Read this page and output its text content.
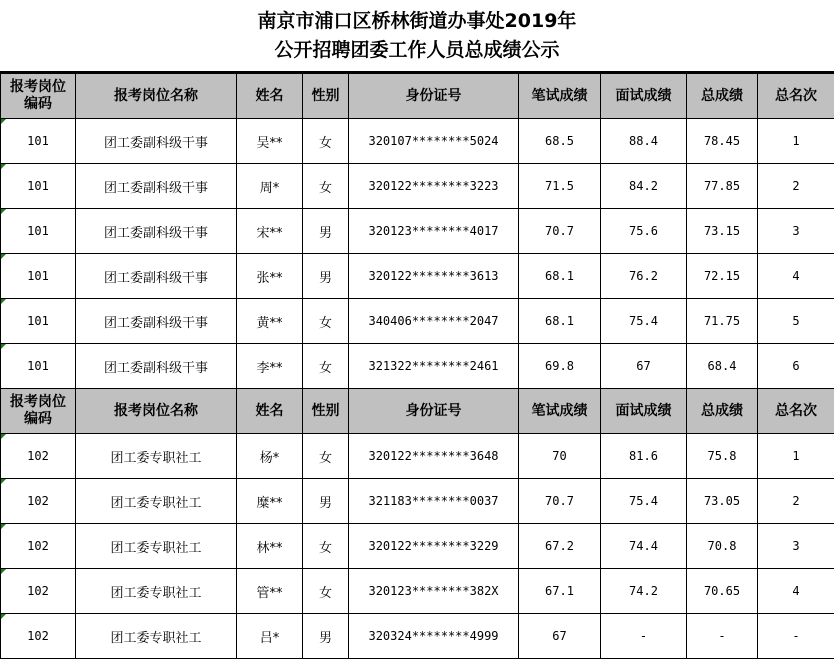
南京市浦口区桥林街道办事处2019年
公开招聘团委工作人员总成绩公示
报考岗位
编码	报考岗位名称	姓名	性别	身份证号	笔试成绩	面试成绩	总成绩	总名次
101	团工委副科级干事	吴**	女	320107********5024	68.5	88.4	78.45	1
101	团工委副科级干事	周*	女	320122********3223	71.5	84.2	77.85	2
101	团工委副科级干事	宋**	男	320123********4017	70.7	75.6	73.15	3
101	团工委副科级干事	张**	男	320122********3613	68.1	76.2	72.15	4
101	团工委副科级干事	黄**	女	340406********2047	68.1	75.4	71.75	5
101	团工委副科级干事	李**	女	321322********2461	69.8	67	68.4	6
报考岗位
编码	报考岗位名称	姓名	性别	身份证号	笔试成绩	面试成绩	总成绩	总名次
102	团工委专职社工	杨*	女	320122********3648	70	81.6	75.8	1
102	团工委专职社工	糜**	男	321183********0037	70.7	75.4	73.05	2
102	团工委专职社工	林**	女	320122********3229	67.2	74.4	70.8	3
102	团工委专职社工	管**	女	320123********382X	67.1	74.2	70.65	4
102	团工委专职社工	吕*	男	320324********4999	67	-	-	-
